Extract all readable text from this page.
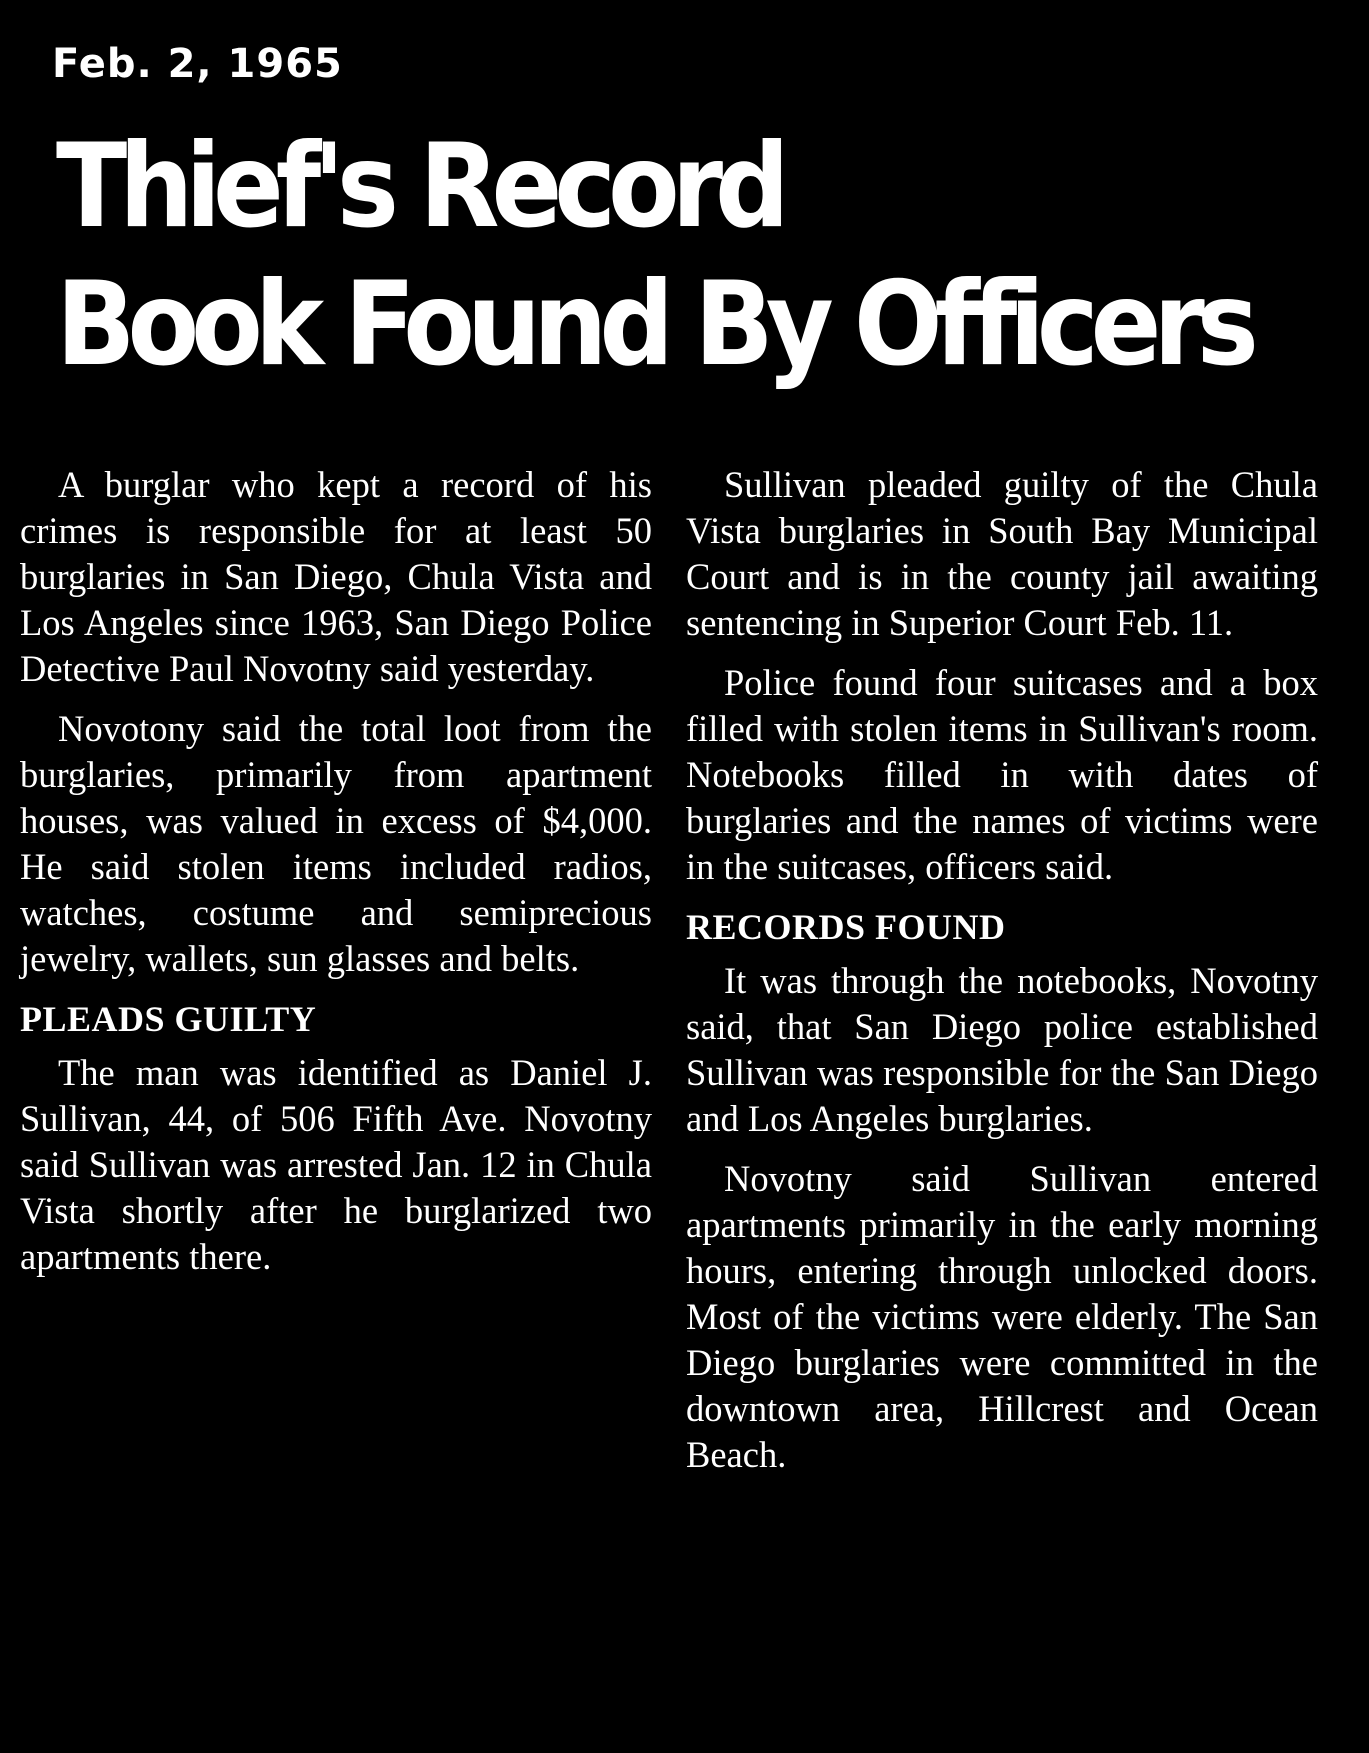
Feb. 2, 1965
Thief's Record
Book Found By Officers

A burglar who kept a record of his crimes is responsible for at least 50 burglaries in San Diego, Chula Vista and Los Angeles since 1963, San Diego Police Detective Paul Novotny said yesterday.

Novotony said the total loot from the burglaries, primarily from apartment houses, was valued in excess of $4,000. He said stolen items included radios, watches, costume and semiprecious jewelry, wallets, sun glasses and belts.

PLEADS GUILTY

The man was identified as Daniel J. Sullivan, 44, of 506 Fifth Ave. Novotny said Sullivan was arrested Jan. 12 in Chula Vista shortly after he burglarized two apartments there.

Sullivan pleaded guilty of the Chula Vista burglaries in South Bay Municipal Court and is in the county jail awaiting sentencing in Superior Court Feb. 11.

Police found four suitcases and a box filled with stolen items in Sullivan's room. Notebooks filled in with dates of burglaries and the names of victims were in the suitcases, officers said.

RECORDS FOUND

It was through the notebooks, Novotny said, that San Diego police established Sullivan was responsible for the San Diego and Los Angeles burglaries.

Novotny said Sullivan entered apartments primarily in the early morning hours, entering through unlocked doors. Most of the victims were elderly. The San Diego burglaries were committed in the downtown area, Hillcrest and Ocean Beach.
